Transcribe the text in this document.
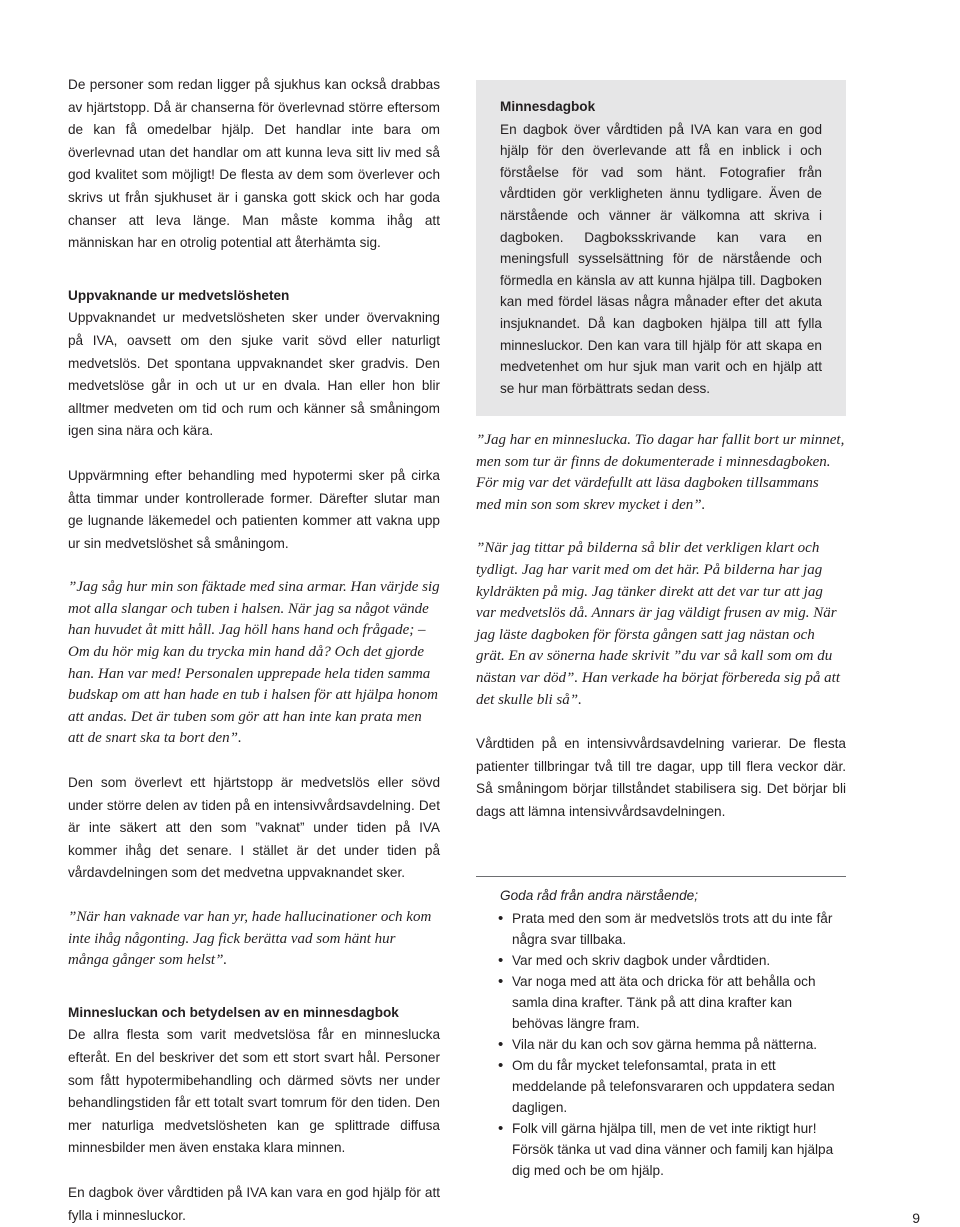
De personer som redan ligger på sjukhus kan också drabbas av hjärtstopp. Då är chanserna för överlevnad större eftersom de kan få omedelbar hjälp. Det handlar inte bara om överlevnad utan det handlar om att kunna leva sitt liv med så god kvalitet som möjligt! De flesta av dem som överlever och skrivs ut från sjukhuset är i ganska gott skick och har goda chanser att leva länge. Man måste komma ihåg att människan har en otrolig potential att återhämta sig.

Uppvaknande ur medvetslösheten

Uppvaknandet ur medvetslösheten sker under övervakning på IVA, oavsett om den sjuke varit sövd eller naturligt medvetslös. Det spontana uppvaknandet sker gradvis. Den medvetslöse går in och ut ur en dvala. Han eller hon blir alltmer medveten om tid och rum och känner så småningom igen sina nära och kära.

Uppvärmning efter behandling med hypotermi sker på cirka åtta timmar under kontrollerade former. Därefter slutar man ge lugnande läkemedel och patienten kommer att vakna upp ur sin medvetslöshet så småningom.

”Jag såg hur min son fäktade med sina armar. Han värjde sig mot alla slangar och tuben i halsen. När jag sa något vände han huvudet åt mitt håll. Jag höll hans hand och frågade; – Om du hör mig kan du trycka min hand då? Och det gjorde han. Han var med! Personalen upprepade hela tiden samma budskap om att han hade en tub i halsen för att hjälpa honom att andas. Det är tuben som gör att han inte kan prata men att de snart ska ta bort den”.

Den som överlevt ett hjärtstopp är medvetslös eller sövd under större delen av tiden på en intensivvårdsavdelning. Det är inte säkert att den som ”vaknat” under tiden på IVA kommer ihåg det senare. I stället är det under tiden på vårdavdelningen som det medvetna uppvaknandet sker.

”När han vaknade var han yr, hade hallucinationer och kom inte ihåg någonting. Jag fick berätta vad som hänt hur många gånger som helst”.

Minnesluckan och betydelsen av en minnesdagbok

De allra flesta som varit medvetslösa får en minneslucka efteråt. En del beskriver det som ett stort svart hål. Personer som fått hypotermibehandling och därmed sövts ner under behandlingstiden får ett totalt svart tomrum för den tiden. Den mer naturliga medvetslösheten kan ge splittrade diffusa minnesbilder men även enstaka klara minnen.

En dagbok över vårdtiden på IVA kan vara en god hjälp för att fylla i minnesluckor.

Minnesdagbok

En dagbok över vårdtiden på IVA kan vara en god hjälp för den överlevande att få en inblick i och förståelse för vad som hänt. Fotografier från vårdtiden gör verkligheten ännu tydligare. Även de närstående och vänner är välkomna att skriva i dagboken. Dagboksskrivande kan vara en meningsfull sysselsättning för de närstående och förmedla en känsla av att kunna hjälpa till. Dagboken kan med fördel läsas några månader efter det akuta insjuknandet. Då kan dagboken hjälpa till att fylla minnesluckor. Den kan vara till hjälp för att skapa en medvetenhet om hur sjuk man varit och en hjälp att se hur man förbättrats sedan dess.

”Jag har en minneslucka. Tio dagar har fallit bort ur minnet, men som tur är finns de dokumenterade i minnesdagboken. För mig var det värdefullt att läsa dagboken tillsammans med min son som skrev mycket i den”.

”När jag tittar på bilderna så blir det verkligen klart och tydligt. Jag har varit med om det här. På bilderna har jag kyldräkten på mig. Jag tänker direkt att det var tur att jag var medvetslös då. Annars är jag väldigt frusen av mig. När jag läste dagboken för första gången satt jag nästan och grät. En av sönerna hade skrivit ”du var så kall som om du nästan var död”. Han verkade ha börjat förbereda sig på att det skulle bli så”.

Vårdtiden på en intensivvårdsavdelning varierar. De flesta patienter tillbringar två till tre dagar, upp till flera veckor där. Så småningom börjar tillståndet stabilisera sig. Det börjar bli dags att lämna intensivvårdsavdelningen.

Goda råd från andra närstående;
• Prata med den som är medvetslös trots att du inte får några svar tillbaka.
• Var med och skriv dagbok under vårdtiden.
• Var noga med att äta och dricka för att behålla och samla dina krafter. Tänk på att dina krafter kan behövas längre fram.
• Vila när du kan och sov gärna hemma på nätterna.
• Om du får mycket telefonsamtal, prata in ett meddelande på telefonsvararen och uppdatera sedan dagligen.
• Folk vill gärna hjälpa till, men de vet inte riktigt hur! Försök tänka ut vad dina vänner och familj kan hjälpa dig med och be om hjälp.
9
